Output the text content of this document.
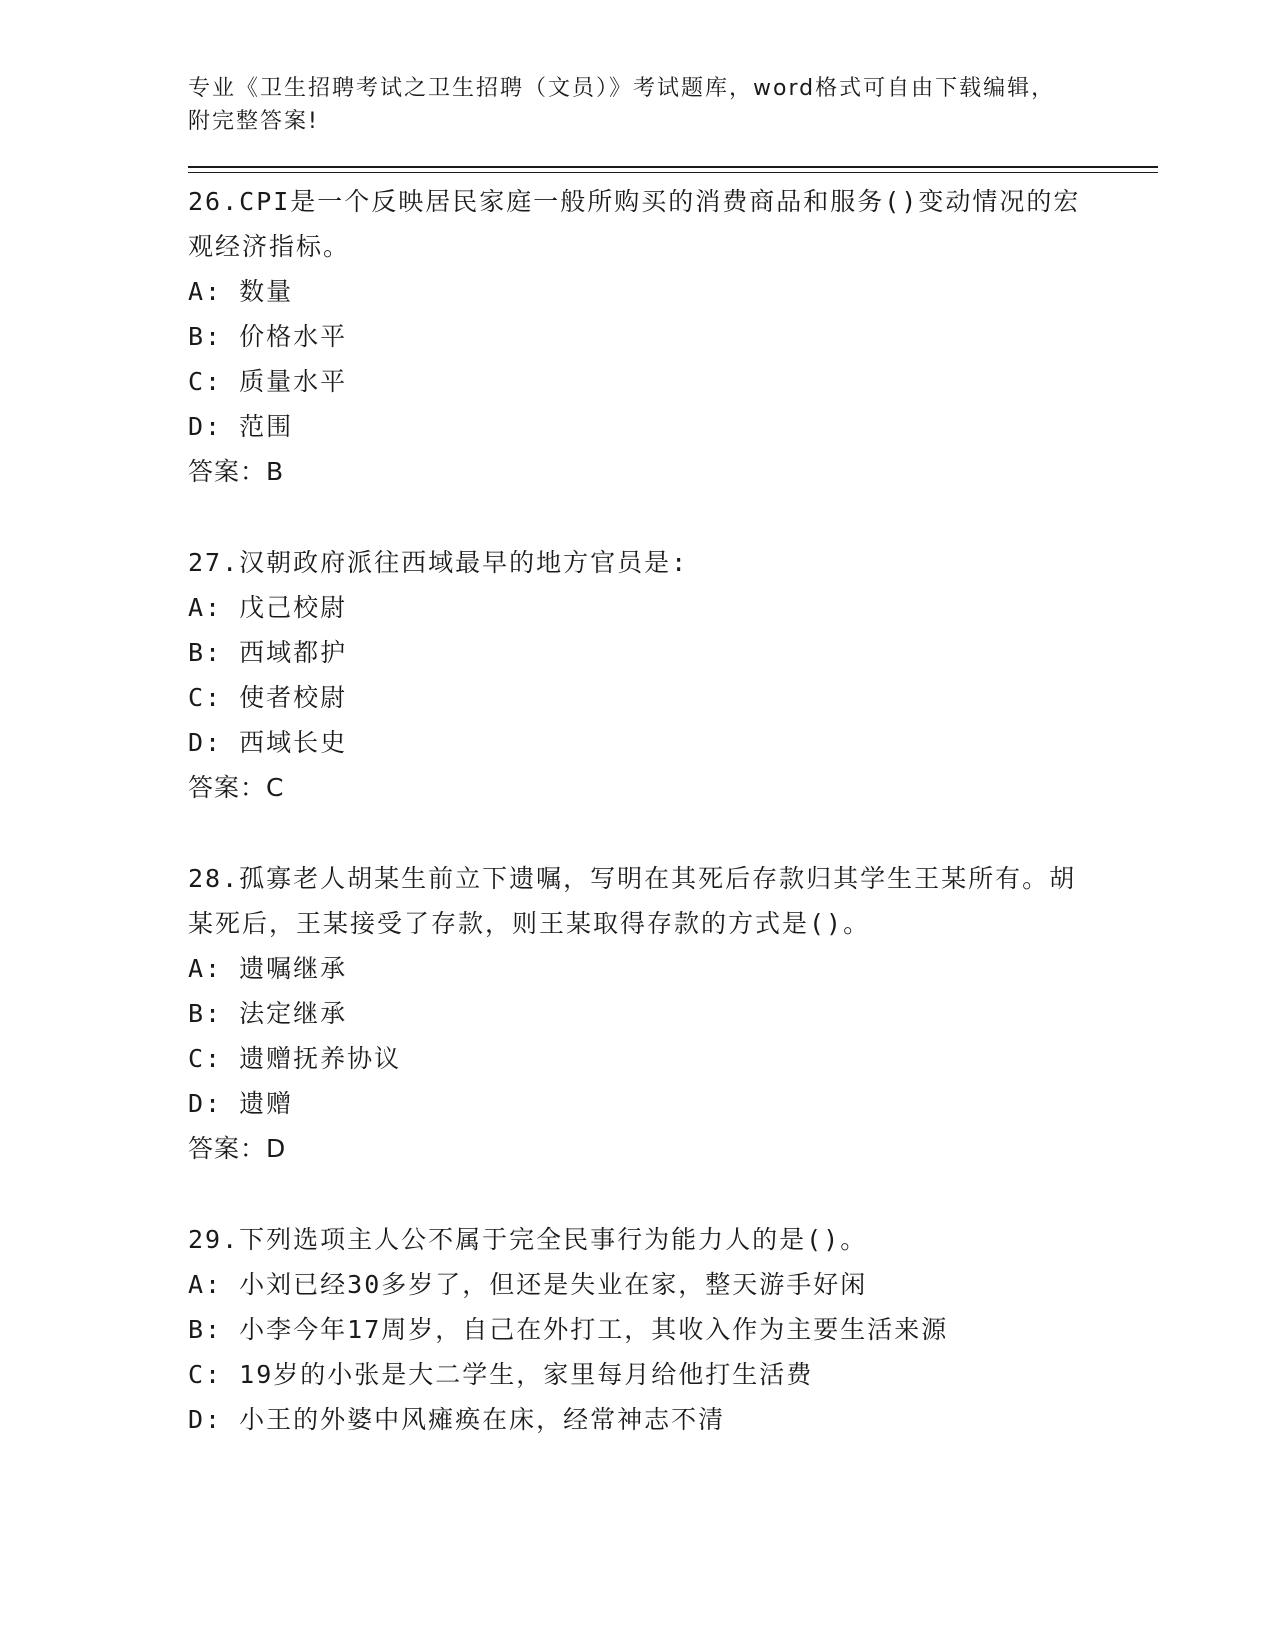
专业《卫生招聘考试之卫生招聘（文员）》考试题库，word格式可自由下载编辑，附完整答案!

26.CPI是一个反映居民家庭一般所购买的消费商品和服务()变动情况的宏观经济指标。

A: 数量

B: 价格水平

C: 质量水平

D: 范围

答案：B

27.汉朝政府派往西域最早的地方官员是:

A: 戊己校尉

B: 西域都护

C: 使者校尉

D: 西域长史

答案：C

28.孤寡老人胡某生前立下遗嘱，写明在其死后存款归其学生王某所有。胡某死后，王某接受了存款，则王某取得存款的方式是()。

A: 遗嘱继承

B: 法定继承

C: 遗赠抚养协议

D: 遗赠

答案：D

29.下列选项主人公不属于完全民事行为能力人的是()。

A: 小刘已经30多岁了，但还是失业在家，整天游手好闲

B: 小李今年17周岁，自己在外打工，其收入作为主要生活来源

C: 19岁的小张是大二学生，家里每月给他打生活费

D: 小王的外婆中风瘫痪在床，经常神志不清
